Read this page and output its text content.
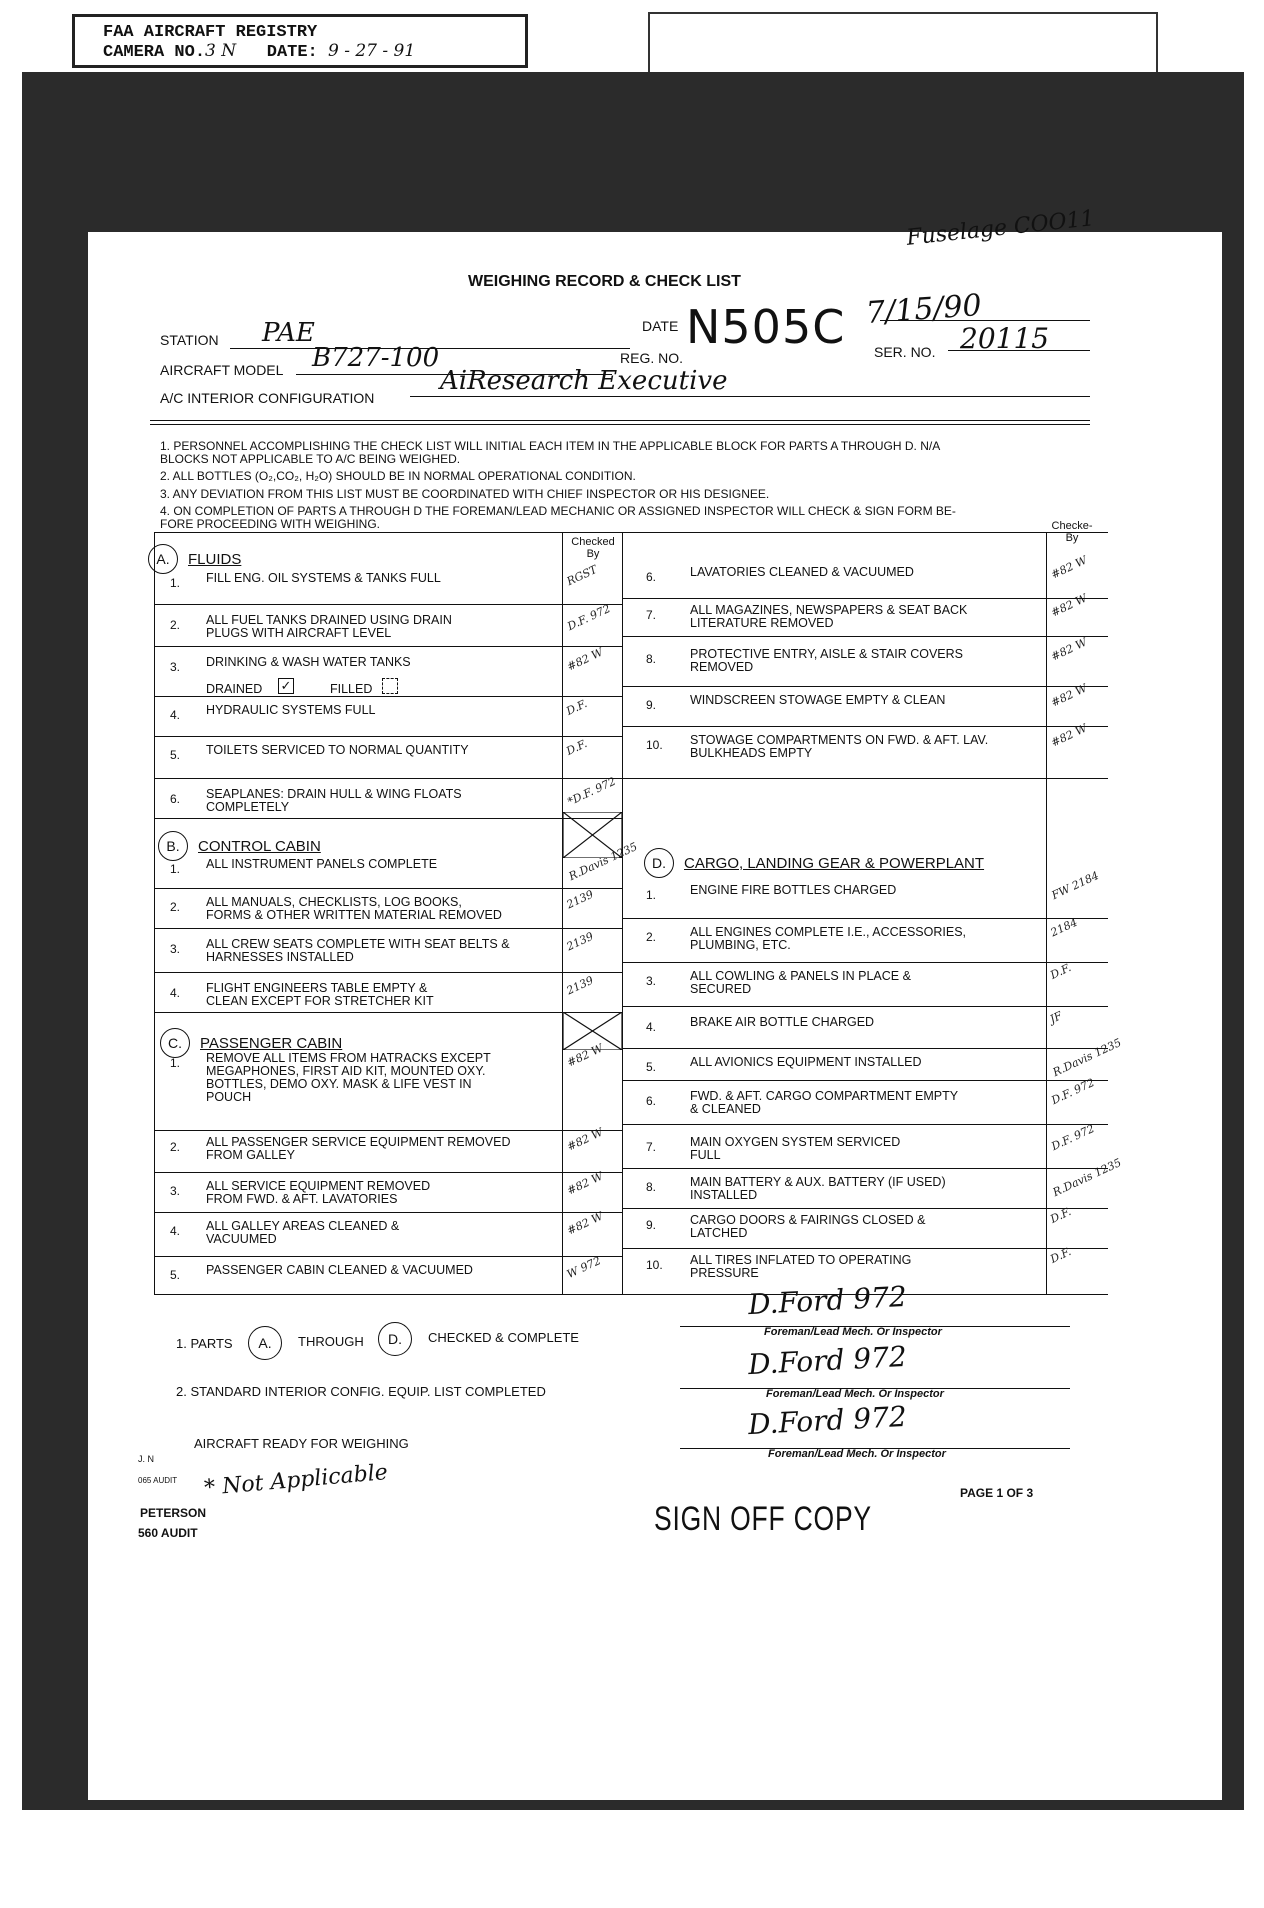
FAA AIRCRAFT REGISTRY
CAMERA NO.3 N DATE: 9 - 27 - 91
Fuselage COO11
WEIGHING RECORD & CHECK LIST
STATION PAE	DATE	7/15/90
AIRCRAFT MODEL B727-100	REG. NO.
N505C SER. NO. 20115
A/C INTERIOR CONFIGURATION
AiResearch Executive
1. PERSONNEL ACCOMPLISHING THE CHECK LIST WILL INITIAL EACH ITEM IN THE APPLICABLE BLOCK FOR PARTS A THROUGH D. N/A
BLOCKS NOT APPLICABLE TO A/C BEING WEIGHED.
2. ALL BOTTLES (O₂,CO₂, H₂O) SHOULD BE IN NORMAL OPERATIONAL CONDITION.
3. ANY DEVIATION FROM THIS LIST MUST BE COORDINATED WITH CHIEF INSPECTOR OR HIS DESIGNEE.
4. ON COMPLETION OF PARTS A THROUGH D THE FOREMAN/LEAD MECHANIC OR ASSIGNED INSPECTOR WILL CHECK & SIGN FORM BE-
FORE PROCEEDING WITH WEIGHING.
Checked By
Checke- By
A.	FLUIDS
B.	CONTROL CABIN
C.	PASSENGER CABIN
D.	CARGO, LANDING GEAR & POWERPLANT
1. FILL ENG. OIL SYSTEMS & TANKS FULL	RGST
2. ALL FUEL TANKS DRAINED USING DRAIN
PLUGS WITH AIRCRAFT LEVEL	D.F. 972
3. DRINKING & WASH WATER TANKS	#82 W
4. HYDRAULIC SYSTEMS FULL	D.F.
5. TOILETS SERVICED TO NORMAL QUANTITY	D.F.
6. SEAPLANES: DRAIN HULL & WING FLOATS
COMPLETELY	*D.F. 972
1. ALL INSTRUMENT PANELS COMPLETE	R.Davis 1235
2. ALL MANUALS, CHECKLISTS, LOG BOOKS,
FORMS & OTHER WRITTEN MATERIAL REMOVED
2139
3. ALL CREW SEATS COMPLETE WITH SEAT BELTS &
HARNESSES INSTALLED
2139
4. FLIGHT ENGINEERS TABLE EMPTY &
CLEAN EXCEPT FOR STRETCHER KIT
2139
1. REMOVE ALL ITEMS FROM HATRACKS EXCEPT
MEGAPHONES, FIRST AID KIT, MOUNTED OXY.
BOTTLES, DEMO OXY. MASK & LIFE VEST IN
POUCH
#82 W
2. ALL PASSENGER SERVICE EQUIPMENT REMOVED
FROM GALLEY
#82 W
3. ALL SERVICE EQUIPMENT REMOVED
FROM FWD. & AFT. LAVATORIES
#82 W
4. ALL GALLEY AREAS CLEANED &
VACUUMED
#82 W
5. PASSENGER CABIN CLEANED & VACUUMED	W 972
6.	LAVATORIES CLEANED & VACUUMED	#82 W
7.	ALL MAGAZINES, NEWSPAPERS & SEAT BACK
LITERATURE REMOVED
#82 W
8.	PROTECTIVE ENTRY, AISLE & STAIR COVERS
REMOVED
#82 W
9.	WINDSCREEN STOWAGE EMPTY & CLEAN	#82 W
10. STOWAGE COMPARTMENTS ON FWD. & AFT. LAV.
BULKHEADS EMPTY
#82 W
1.	ENGINE FIRE BOTTLES CHARGED	FW 2184
2.	ALL ENGINES COMPLETE I.E., ACCESSORIES,
PLUMBING, ETC.
2184
3.	ALL COWLING & PANELS IN PLACE &
SECURED
D.F.
4.	BRAKE AIR BOTTLE CHARGED	JF
5.	ALL AVIONICS EQUIPMENT INSTALLED	R.Davis 1235
6.	FWD. & AFT. CARGO COMPARTMENT EMPTY
& CLEANED
D.F. 972
7.	MAIN OXYGEN SYSTEM SERVICED
FULL
D.F. 972
8.	MAIN BATTERY & AUX. BATTERY (IF USED)
INSTALLED	R.Davis 1235
9.	CARGO DOORS & FAIRINGS CLOSED &
LATCHED
D.F.
10. ALL TIRES INFLATED TO OPERATING
PRESSURE
D.F.
DRAINED ✓	FILLED
1. PARTS	A.	THROUGH	D.	CHECKED & COMPLETE
2. STANDARD INTERIOR CONFIG. EQUIP. LIST COMPLETED
AIRCRAFT READY FOR WEIGHING
J. N
065 AUDIT * Not Applicable
PETERSON
560 AUDIT
D.Ford 972
Foreman/Lead Mech. Or Inspector
D.Ford 972
Foreman/Lead Mech. Or Inspector
D.Ford 972
Foreman/Lead Mech. Or Inspector
SIGN OFF COPY
PAGE 1 OF 3
